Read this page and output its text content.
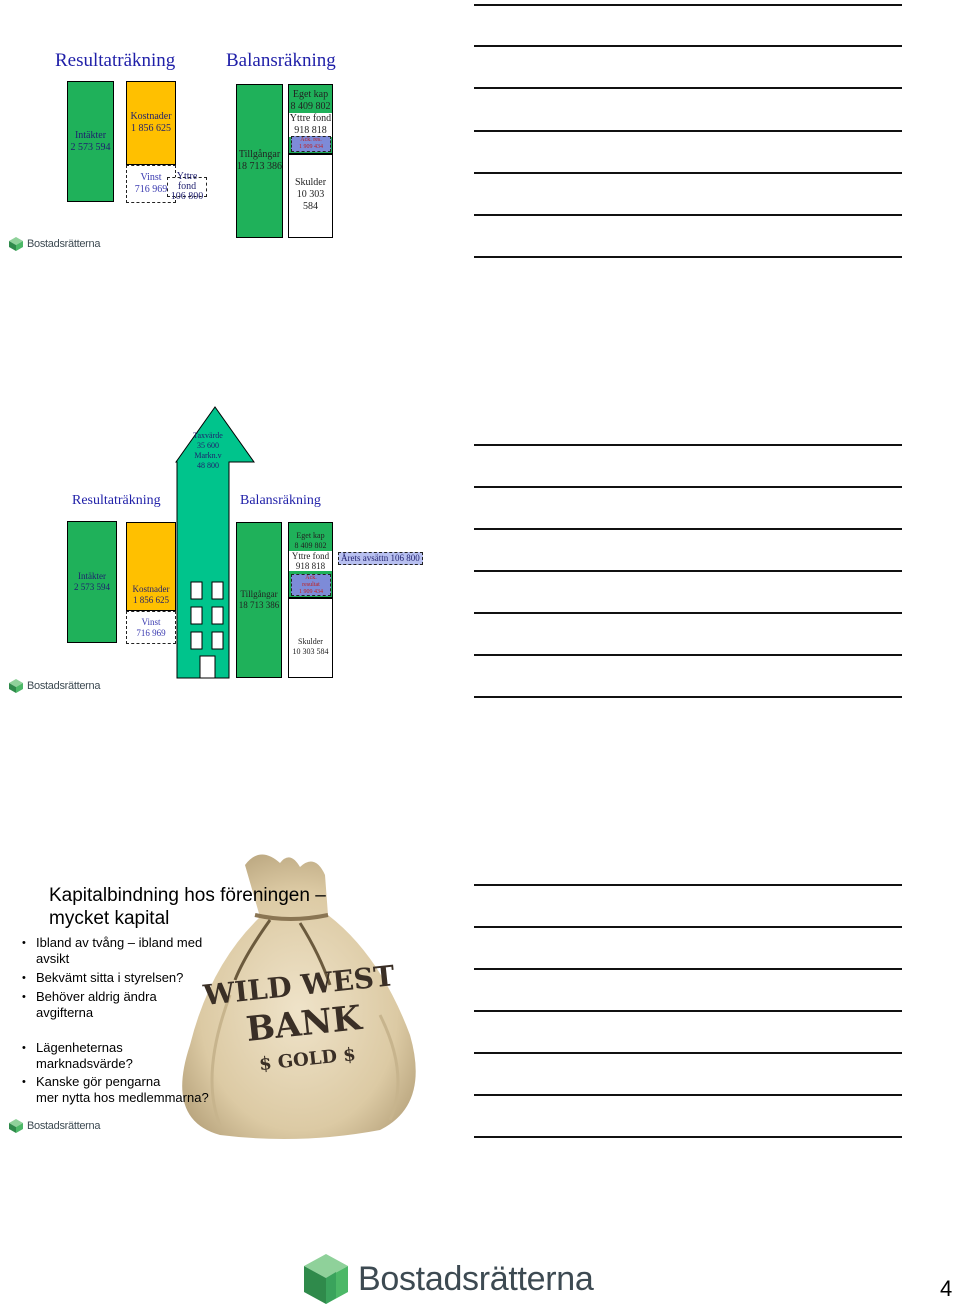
Resultaträkning	Balansräkning
Intäkter
2 573 594
Kostnader
1 856 625
Vinst
716 969
Yttre fond
106 800
Tillgångar
18 713 386
Eget kap
8 409 802
Yttre fond
918 818
Ack. res.
1 909 434
Skulder
10 303 584
Bostadsrätterna
Taxvärde
35 600
Markn.v
48 800
Resultaträkning	Balansräkning
Intäkter
2 573 594	Kostnader
1 856 625
Vinst
716 969
Tillgångar
18 713 386
Eget kap
8 409 802
Yttre fond
918 818
Ack.
resultat
1 909 434
Årets avsättn 106 800
Skulder
10 303 584
Bostadsrätterna
WILD WEST
BANK
$ GOLD $
Kapitalbindning hos föreningen –
mycket kapital
• Ibland av tvång – ibland med
avsikt
• Bekvämt sitta i styrelsen?
• Behöver aldrig ändra
avgifterna
• Lägenheternas
marknadsvärde?
• Kanske gör pengarna
mer nytta hos medlemmarna?
Bostadsrätterna
Bostadsrätterna	4
